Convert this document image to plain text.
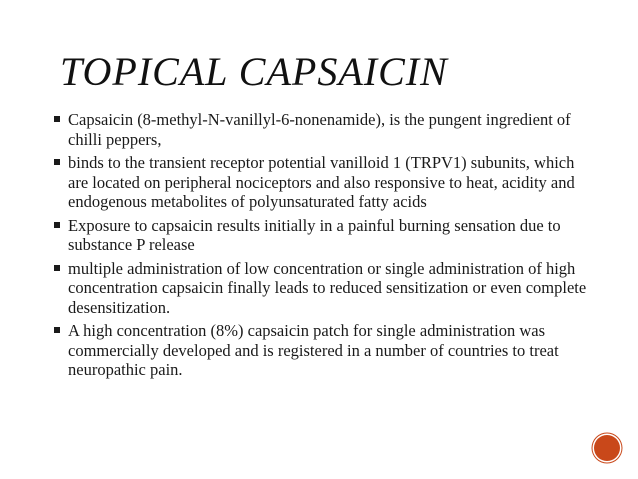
TOPICAL CAPSAICIN
Capsaicin (8-methyl-N-vanillyl-6-nonenamide), is the pungent ingredient of chilli peppers,
binds to the transient receptor potential vanilloid 1 (TRPV1) subunits, which are located on peripheral nociceptors and also responsive to heat, acidity and endogenous metabolites of polyunsaturated fatty acids
Exposure to capsaicin results initially in a painful burning sensation due to substance P release
multiple administration of low concentration or single administration of high concentration capsaicin finally leads to reduced sensitization or even complete desensitization.
A high concentration (8%) capsaicin patch for single administration was commercially developed and is registered in a number of countries to treat neuropathic pain.
